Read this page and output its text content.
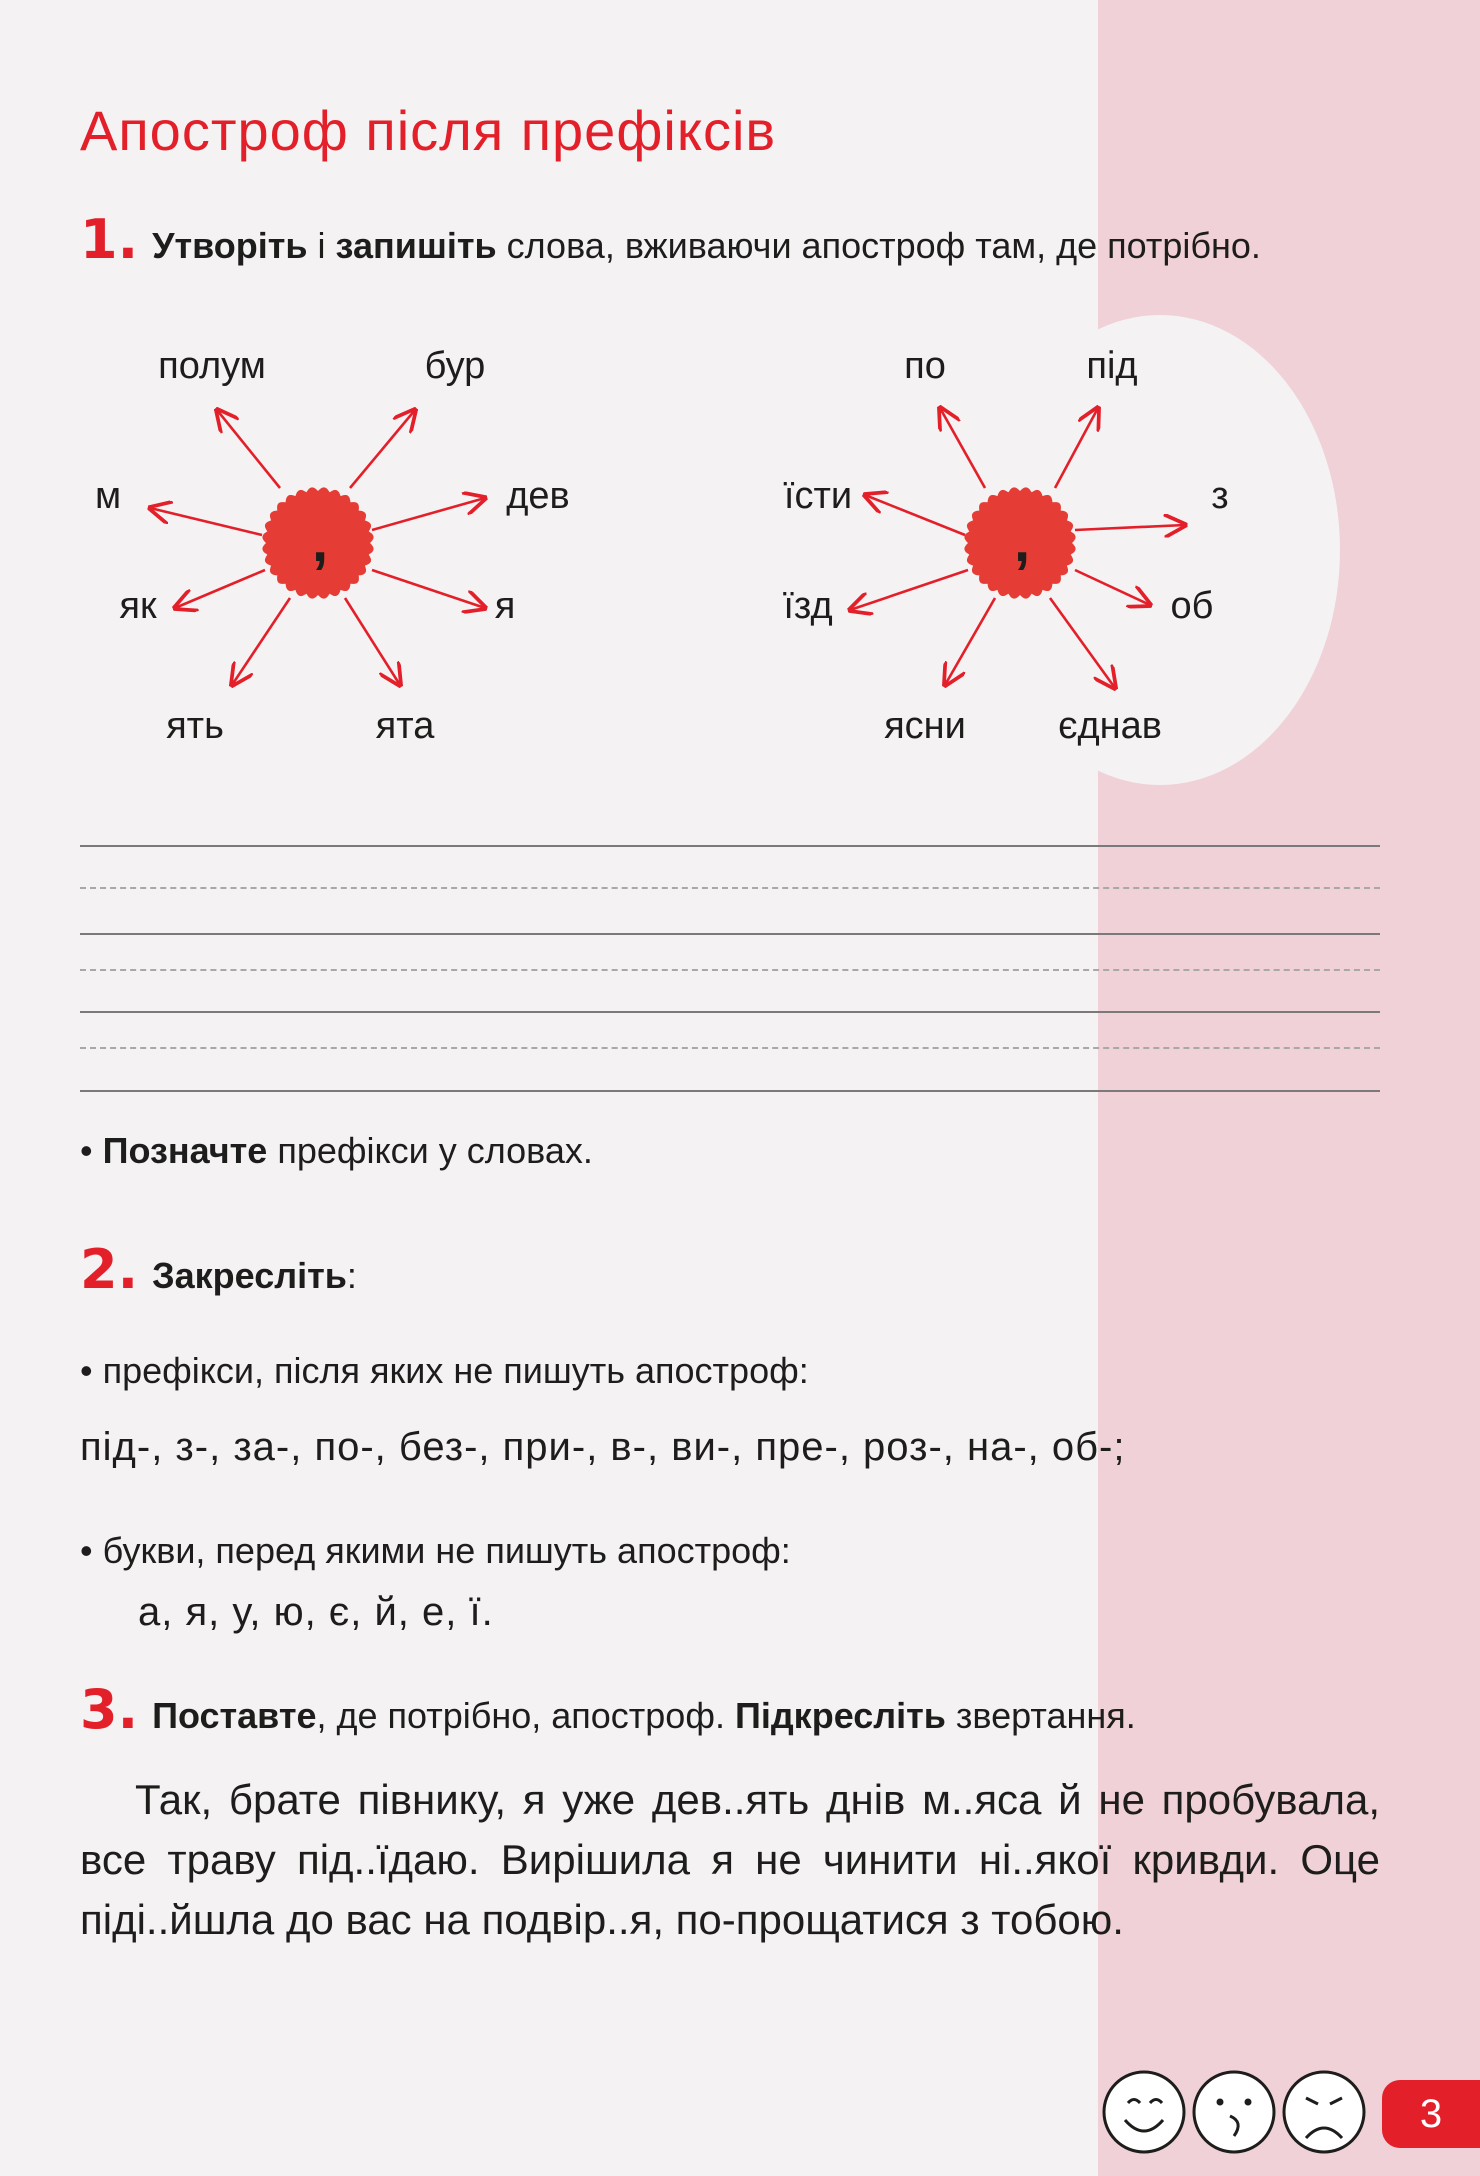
Апостроф після префіксів
1. Утворіть і запишіть слова, вживаючи апостроф там, де потрібно.
,
полум	бур
м	дев
як	я
ять	ята
,
по	під
їсти	з
їзд	об
ясни єднав
• Позначте префікси у словах.
2. Закресліть:
• префікси, після яких не пишуть апостроф:
під-, з-, за-, по-, без-, при-, в-, ви-, пре-, роз-, на-, об-;
• букви, перед якими не пишуть апостроф:
а, я, у, ю, є, й, е, ї.
3. Поставте, де потрібно, апостроф. Підкресліть звертання.

Так, брате півнику, я уже дев..ять днів м..яса й не пробувала, все траву під..їдаю. Вирішила я не чинити ні..якої кривди. Оце піді..йшла до вас на подвір..я, по-прощатися з тобою.

3
